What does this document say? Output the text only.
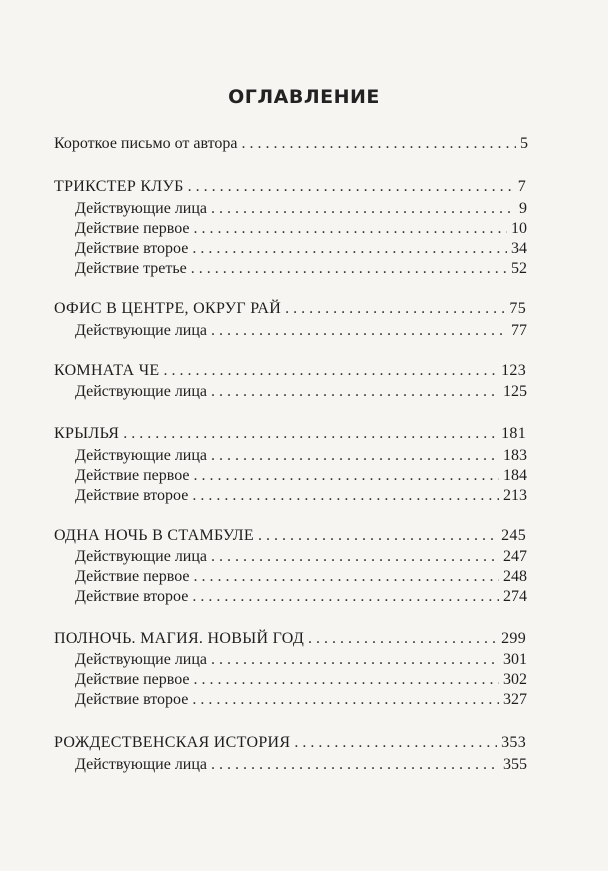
ОГЛАВЛЕНИЕ
Короткое письмо от автора . . .	5
ТРИКСТЕР КЛУБ . . .	7
Действующие лица . . .	9
Действие первое . . .	10
Действие второе . . .	34
Действие третье . . .	52
ОФИС В ЦЕНТРЕ, ОКРУГ РАЙ . . .	75
Действующие лица . . .	77
КОМНАТА ЧЕ . . .	123
Действующие лица . . .	125
КРЫЛЬЯ . . .	181
Действующие лица . . .	183
Действие первое . . .	184
Действие второе . . .	213
ОДНА НОЧЬ В СТАМБУЛЕ . . .	245
Действующие лица . . .	247
Действие первое . . .	248
Действие второе . . .	274
ПОЛНОЧЬ. МАГИЯ. НОВЫЙ ГОД . . .	299
Действующие лица . . .	301
Действие первое . . .	302
Действие второе . . .	327
РОЖДЕСТВЕНСКАЯ ИСТОРИЯ . . .	353
Действующие лица . . .	355
